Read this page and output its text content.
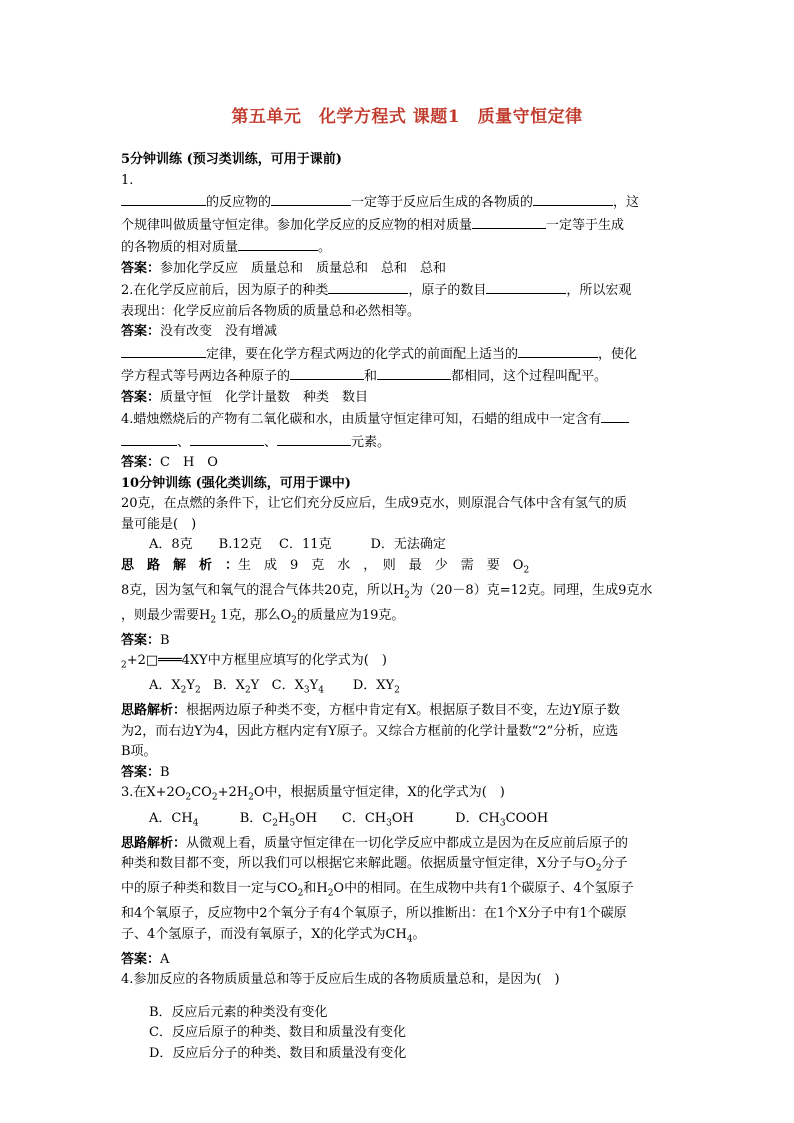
第五单元　化学方程式 课题1　质量守恒定律
5分钟训练 (预习类训练，可用于课前)
1.
的反应物的	一定等于反应后生成的各物质的	，这
个规律叫做质量守恒定律。参加化学反应的反应物的相对质量	一定等于生成
的各物质的相对质量	。
答案：参加化学反应　质量总和　质量总和　总和　总和
2.在化学反应前后，因为原子的种类	，原子的数目	，所以宏观
表现出：化学反应前后各物质的质量总和必然相等。
答案：没有改变　没有增减
定律，要在化学方程式两边的化学式的前面配上适当的	，使化
学方程式等号两边各种原子的	和	都相同，这个过程叫配平。
答案：质量守恒　化学计量数　种类　数目
4.蜡烛燃烧后的产物有二氧化碳和水，由质量守恒定律可知，石蜡的组成中一定含有
、	、	元素。
答案：C　H　O
10分钟训练 (强化类训练，可用于课中)
20克，在点燃的条件下，让它们充分反应后，生成9克水，则原混合气体中含有氢气的质
量可能是(　)
A．8克　　B.12克　 C．11克　　　D．无法确定
思　路　解　析　：生　成　9　克　水　，　则　最　少　需　要　$O_2$
8克，因为氢气和氧气的混合气体共20克，所以$H_2$为（20－8）克=12克。同理，生成9克水
，则最少需要$H_2$ 1克，那么$O_2$的质量应为19克。
答案：B
$_2$+2□═══4XY中方框里应填写的化学式为(　)
A．$X_2Y_2$ B．$X_2Y$ C．$X_3Y_4$ D．$XY_2$
思路解析：根据两边原子种类不变，方框中肯定有X。根据原子数目不变，左边Y原子数
为2，而右边Y为4，因此方框内定有Y原子。又综合方框前的化学计量数“2”分析，应选
B项。
答案：B
3.在$X+2O_2CO_2+2H_2O$中，根据质量守恒定律，X的化学式为(　)
A．$CH_4$	B．$C_2H_5OH$ C．$CH_3OH$	D．$CH_3COOH$
思路解析：从微观上看，质量守恒定律在一切化学反应中都成立是因为在反应前后原子的
种类和数目都不变，所以我们可以根据它来解此题。依据质量守恒定律，X分子与$O_2$分子
中的原子种类和数目一定与$CO_2$和$H_2O$中的相同。在生成物中共有1个碳原子、4个氢原子
和4个氧原子，反应物中2个氧分子有4个氧原子，所以推断出：在1个X分子中有1个碳原
子、4个氢原子，而没有氧原子，X的化学式为$CH_4$。
答案：A
4.参加反应的各物质质量总和等于反应后生成的各物质质量总和，是因为(　)
B．反应后元素的种类没有变化
C．反应后原子的种类、数目和质量没有变化
D．反应后分子的种类、数目和质量没有变化
